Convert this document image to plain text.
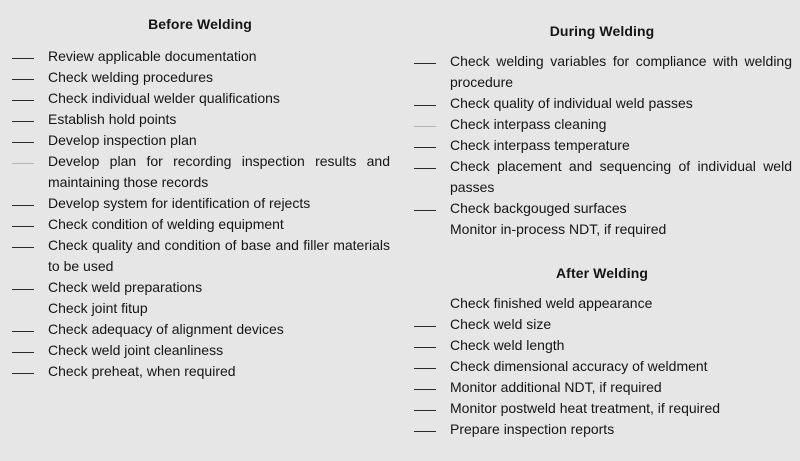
Before Welding
Review applicable documentation
Check welding procedures
Check individual welder qualifications
Establish hold points
Develop inspection plan
Develop plan for recording inspection results and maintaining those records
Develop system for identification of rejects
Check condition of welding equipment
Check quality and condition of base and filler materials to be used
Check weld preparations
Check joint fitup
Check adequacy of alignment devices
Check weld joint cleanliness
Check preheat, when required
During Welding
Check welding variables for compliance with welding procedure
Check quality of individual weld passes
Check interpass cleaning
Check interpass temperature
Check placement and sequencing of individual weld passes
Check backgouged surfaces
Monitor in-process NDT, if required
After Welding
Check finished weld appearance
Check weld size
Check weld length
Check dimensional accuracy of weldment
Monitor additional NDT, if required
Monitor postweld heat treatment, if required
Prepare inspection reports
